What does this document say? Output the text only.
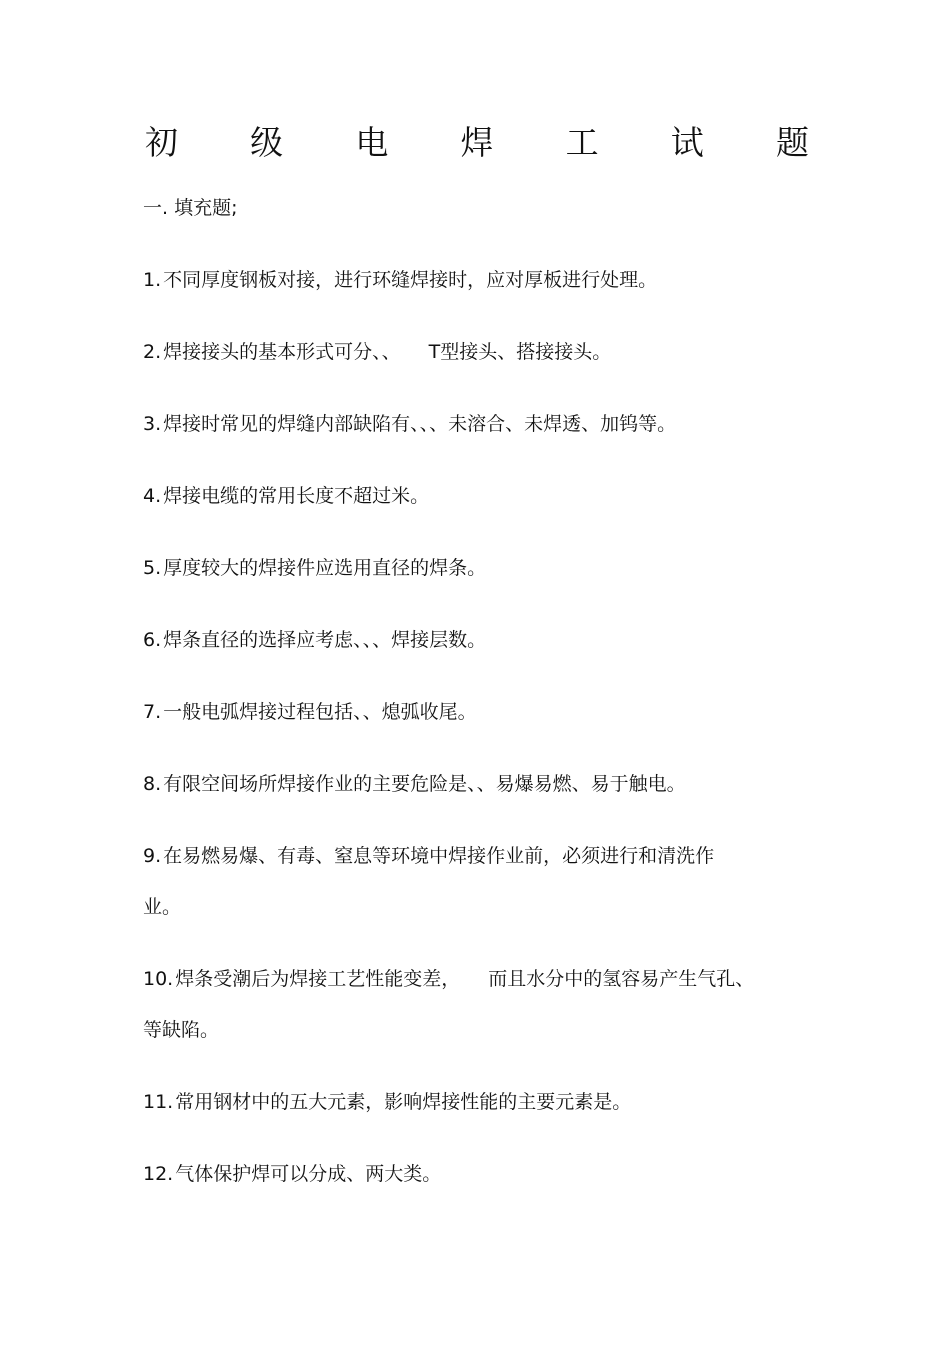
初 级 电 焊 工 试 题
一. 填充题;
1. 不同厚度钢板对接，进行环缝焊接时，应对厚板进行处理。
2. 焊接接头的基本形式可分、、 T型接头、搭接接头。
3. 焊接时常见的焊缝内部缺陷有、、、未溶合、未焊透、加钨等。
4. 焊接电缆的常用长度不超过米。
5. 厚度较大的焊接件应选用直径的焊条。
6. 焊条直径的选择应考虑、、、焊接层数。
7. 一般电弧焊接过程包括、、熄弧收尾。
8. 有限空间场所焊接作业的主要危险是、、易爆易燃、易于触电。
9. 在易燃易爆、有毒、窒息等环境中焊接作业前，必须进行和清洗作
业。
10. 焊条受潮后为焊接工艺性能变差， 而且水分中的氢容易产生气孔、
等缺陷。
11. 常用钢材中的五大元素，影响焊接性能的主要元素是。
12. 气体保护焊可以分成、两大类。
